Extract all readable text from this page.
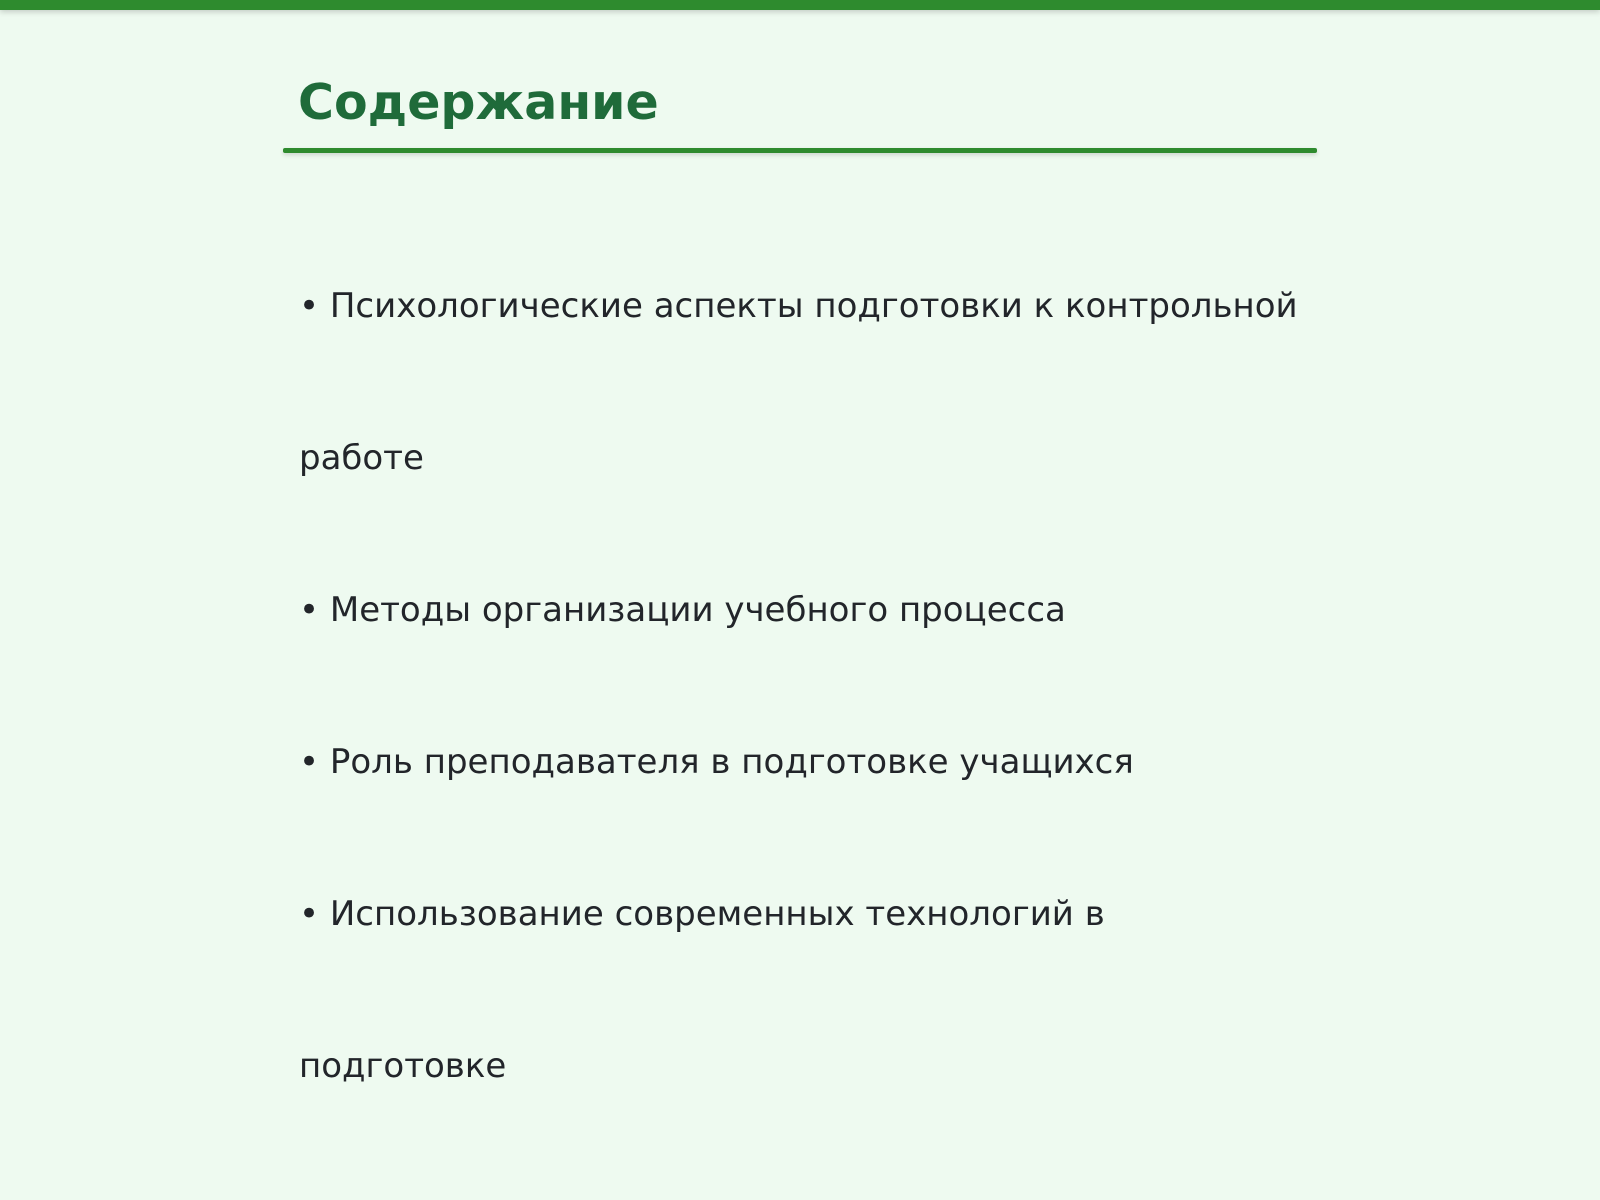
Содержание
• Психологические аспекты подготовки к контрольной
работе
• Методы организации учебного процесса
• Роль преподавателя в подготовке учащихся
• Использование современных технологий в
подготовке
